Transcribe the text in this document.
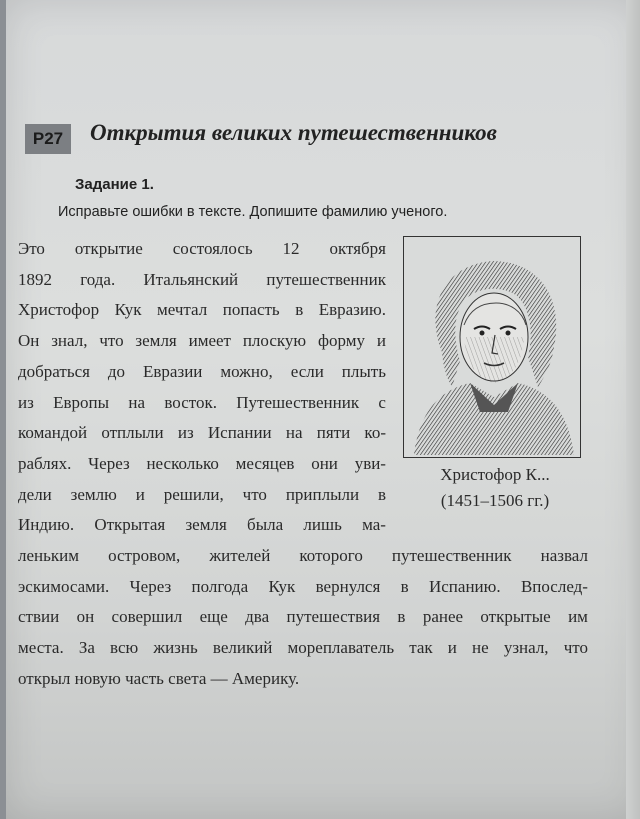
P27	Открытия великих путешественников
Задание 1.
Исправьте ошибки в тексте. Допишите фамилию ученого.
Это открытие состоялось 12 октября
1892 года. Итальянский путешественник
Христофор Кук мечтал попасть в Евразию.
Он знал, что земля имеет плоскую форму и
добраться до Евразии можно, если плыть
из Европы на восток. Путешественник с
командой отплыли из Испании на пяти ко-
раблях. Через несколько месяцев они уви-
дели землю и решили, что приплыли в
Индию. Открытая земля была лишь ма-
леньким островом, жителей которого путешественник назвал
эскимосами. Через полгода Кук вернулся в Испанию. Впослед-
ствии он совершил еще два путешествия в ранее открытые им
места. За всю жизнь великий мореплаватель так и не узнал, что
открыл новую часть света — Америку.
Христофор К...
(1451–1506 гг.)
